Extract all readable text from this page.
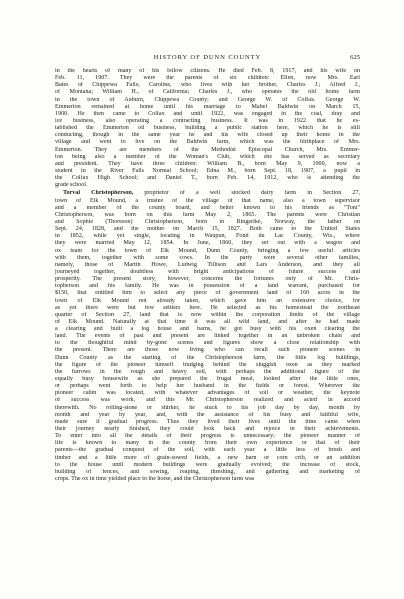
HISTORY OF DUNN COUNTY	625
in the hearts of many of his fellow citizens. He died Feb. 8, 1917, and his wife on
Feb. 11, 1907. They were the parents of six children: Ellen, now Mrs. Earl
Bates of Chippewa Falls; Caroline, who lives with her brother, Charles J.; Alfred J.,
of Montana; William H., of California; Charles J., who operates the old home farm
in the town of Auburn, Chippewa County; and George W. of Colfax. George W.
Emmerton remained at home until his marriage to Mabel Baldwin on March 15,
1900. He then came to Colfax and until 1922, was engaged in the coal, dray and
ice business, also operating a contracting business. It was in 1922 that he es-
tablished the Emmerton oil business, building a public station here, which he is still
conducting, though in the same year he and his wife closed up their home in the
village and went to live on the Baldwin farm, which was the birthplace of Mrs.
Emmerton. They are members of the Methodist Episcopal Church, Mrs. Emmer-
ton being also a member of the Woman's Club, which she has served as secretary
and president. They have three children: William B., born May 9, 1900, now a
student in the River Falls Normal School; Edna M., born Sept. 18, 1907, a pupil in
the Colfax High School; and Daniel T., born Feb. 14, 1912, who is attending the
grade school.
Torval Christopherson, proprietor of a well stocked dairy farm in Section 27,
town of Elk Mound, a trustee of the village of that name, also a town supervisor
and a member of the county board, and better known to his friends as "Tom"
Christopherson, was born on this farm May 2, 1865. The parents were Christian
and Sophie (Thoreson) Christopherson, born in Ringerike, Norway, the father on
Sept. 24, 1828, and the mother on March 15, 1827. Both came to the United States
in 1852, while yet single, locating in Waupun, Fond du Lac County, Wis., where
they were married May 12, 1854. In June, 1860, they set out with a wagon and
ox team for the town of Elk Mound, Dunn County, bringing a few useful articles
with them, together with some cows. In the party were several other families,
namely, those of Martin Howe, Ludwig Tillison and Lars Anderson, and they all
journeyed together, doubtless with bright anticipations of future success and
prosperity. The present story, however, concerns the fortunes only of Mr. Chris-
topherson and his family. He was in possession of a land warrant, purchased for
$150, that entitled him to select any piece of government land of 160 acres in the
town of Elk Mound not already taken, which gave him an extensive choice, for
as yet there were but few settlers here. He selected as his homestead the northeast
quarter of Section 27, land that is now within the corporation limits of the village
of Elk Mound. Naturally at that time it was all wild land, and after he had made
a clearing and built a log house and barns, he got busy with his oxen clearing the
land. The events of past and present are linked together in an unbroken chain and
to the thoughtful mind by-gone scenes and figures show a close relationship with
the present. There are those now living who can recall such pioneer scenes in
Dunn County as the starting of the Christopherson farm, the little log buildings,
the figure of the pioneer himself trudging behind the sluggish oxen as they marked
the furrows in the rough and heavy soil, with perhaps the additional figure of the
equally busy housewife as she prepared the frugal meal, looked after the little ones,
or perhaps went forth to help her husband in the fields or forest. Wherever the
pioneer cabin was located, with whatever advantages of soil or weather, the keynote
of success was work, and this Mr. Christopherson realized and acted in accord
therewith. No rolling-stone or shirker, he stuck to his job day by day, month by
month and year by year, and, with the assistance of his busy and faithful wife,
made sure if gradual progress. Thus they lived their lives until the time came when
their journey nearly finished, they could look back and rejoice in their achievements.
To enter into all the details of their progress is unnecessary; the pioneer manner of
life is known to many in the county from their own experience or that of their
parents—the gradual conquest of the soil, with each year a little less of brush and
timber and a little more of grain-sowed fields, a new barn or corn crib, or an addition
to the house until modern buildings were gradually evolved; the increase of stock,
building of fences, and sowing, reaping, threshing, and gathering and marketing of
crops. The ox in time yielded place to the horse, and the Christopherson farm was
